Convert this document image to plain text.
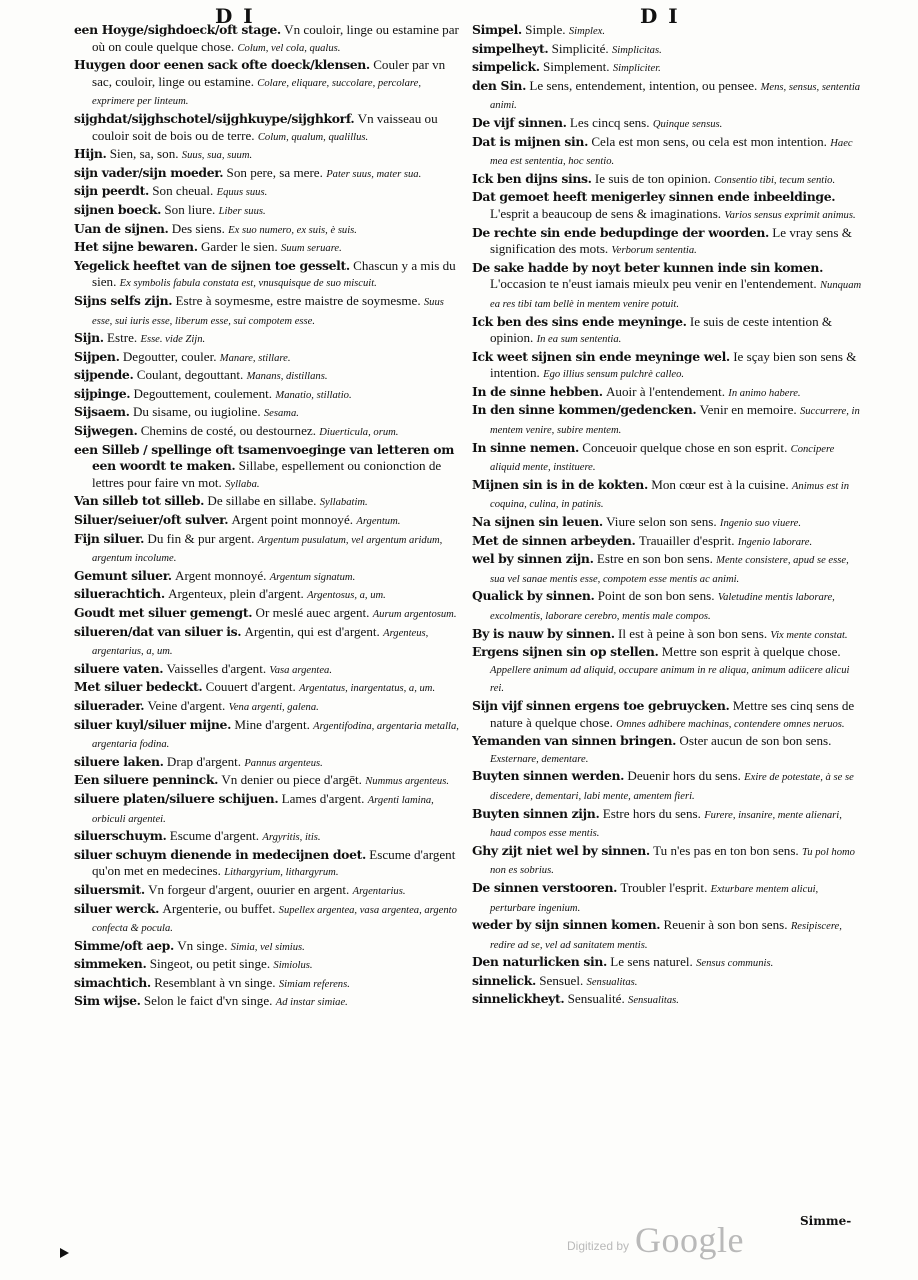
D I	D I

een Hoyge/sighdoeck/oft stage. Vn couloir, linge ou estamine par où on coule quelque chose. Colum, vel cola, qualus.

Huygen door eenen sack ofte doeck/klensen. Couler par vn sac, couloir, linge ou estamine. Colare, eliquare, succolare, percolare, exprimere per linteum.

sijghdat/sijghschotel/sijghkuype/sijghkorf. Vn vaisseau ou couloir soit de bois ou de terre. Colum, qualum, qualillus.

Hijn. Sien, sa, son. Suus, sua, suum.

sijn vader/sijn moeder. Son pere, sa mere. Pater suus, mater sua.

sijn peerdt. Son cheual. Equus suus.

sijnen boeck. Son liure. Liber suus.

Uan de sijnen. Des siens. Ex suo numero, ex suis, è suis.

Het sijne bewaren. Garder le sien. Suum seruare.

Yegelick heeftet van de sijnen toe gesselt. Chascun y a mis du sien. Ex symbolis fabula constata est, vnusquisque de suo miscuit.

Sijns selfs zijn. Estre à soymesme, estre maistre de soymesme. Suus esse, sui iuris esse, liberum esse, sui compotem esse.

Sijn. Estre. Esse. vide Zijn.

Sijpen. Degoutter, couler. Manare, stillare.

sijpende. Coulant, degouttant. Manans, distillans.

sijpinge. Degouttement, coulement. Manatio, stillatio.

Sijsaem. Du sisame, ou iugioline. Sesama.

Sijwegen. Chemins de costé, ou destournez. Diuerticula, orum.

een Silleb / spellinge oft tsamenvoeginge van letteren om een woordt te maken. Sillabe, espellement ou conionction de lettres pour faire vn mot. Syllaba.

Van silleb tot silleb. De sillabe en sillabe. Syllabatim.

Siluer/seiuer/oft sulver. Argent point monnoyé. Argentum.

Fijn siluer. Du fin & pur argent. Argentum pusulatum, vel argentum aridum, argentum incolume.

Gemunt siluer. Argent monnoyé. Argentum signatum.

siluerachtich. Argenteux, plein d'argent. Argentosus, a, um.

Goudt met siluer gemengt. Or meslé auec argent. Aurum argentosum.

silueren/dat van siluer is. Argentin, qui est d'argent. Argenteus, argentarius, a, um.

siluere vaten. Vaisselles d'argent. Vasa argentea.

Met siluer bedeckt. Couuert d'argent. Argentatus, inargentatus, a, um.

siluerader. Veine d'argent. Vena argenti, galena.

siluer kuyl/siluer mijne. Mine d'argent. Argentifodina, argentaria metalla, argentaria fodina.

siluere laken. Drap d'argent. Pannus argenteus.

Een siluere penninck. Vn denier ou piece d'argēt. Nummus argenteus.

siluere platen/siluere schijuen. Lames d'argent. Argenti lamina, orbiculi argentei.

siluerschuym. Escume d'argent. Argyritis, itis.

siluer schuym dienende in medecijnen doet. Escume d'argent qu'on met en medecines. Lithargyrium, lithargyrum.

siluersmit. Vn forgeur d'argent, ouurier en argent. Argentarius.

siluer werck. Argenterie, ou buffet. Supellex argentea, vasa argentea, argento confecta & pocula.

Simme/oft aep. Vn singe. Simia, vel simius.

simmeken. Singeot, ou petit singe. Simiolus.

simachtich. Resemblant à vn singe. Simiam referens.

Sim wijse. Selon le faict d'vn singe. Ad instar simiae.

Simpel. Simple. Simplex.

simpelheyt. Simplicité. Simplicitas.

simpelick. Simplement. Simpliciter.

den Sin. Le sens, entendement, intention, ou pensee. Mens, sensus, sententia animi.

De vijf sinnen. Les cincq sens. Quinque sensus.

Dat is mijnen sin. Cela est mon sens, ou cela est mon intention. Haec mea est sententia, hoc sentio.

Ick ben dijns sins. Ie suis de ton opinion. Consentio tibi, tecum sentio.

Dat gemoet heeft menigerley sinnen ende inbeeldinge. L'esprit a beaucoup de sens & imaginations. Varios sensus exprimit animus.

De rechte sin ende bedupdinge der woorden. Le vray sens & signification des mots. Verborum sententia.

De sake hadde by noyt beter kunnen inde sin komen. L'occasion te n'eust iamais mieulx peu venir en l'entendement. Nunquam ea res tibi tam bellè in mentem venire potuit.

Ick ben des sins ende meyninge. Ie suis de ceste intention & opinion. In ea sum sententia.

Ick weet sijnen sin ende meyninge wel. Ie sçay bien son sens & intention. Ego illius sensum pulchrè calleo.

In de sinne hebben. Auoir à l'entendement. In animo habere.

In den sinne kommen/gedencken. Venir en memoire. Succurrere, in mentem venire, subire mentem.

In sinne nemen. Conceuoir quelque chose en son esprit. Concipere aliquid mente, instituere.

Mijnen sin is in de kokten. Mon cœur est à la cuisine. Animus est in coquina, culina, in patinis.

Na sijnen sin leuen. Viure selon son sens. Ingenio suo viuere.

Met de sinnen arbeyden. Trauailler d'esprit. Ingenio laborare.

wel by sinnen zijn. Estre en son bon sens. Mente consistere, apud se esse, sua vel sanae mentis esse, compotem esse mentis ac animi.

Qualick by sinnen. Point de son bon sens. Valetudine mentis laborare, excolmentis, laborare cerebro, mentis male compos.

By is nauw by sinnen. Il est à peine à son bon sens. Vix mente constat.

Ergens sijnen sin op stellen. Mettre son esprit à quelque chose. Appellere animum ad aliquid, occupare animum in re aliqua, animum adiicere alicui rei.

Sijn vijf sinnen ergens toe gebruycken. Mettre ses cinq sens de nature à quelque chose. Omnes adhibere machinas, contendere omnes neruos.

Yemanden van sinnen bringen. Oster aucun de son bon sens. Exsternare, dementare.

Buyten sinnen werden. Deuenir hors du sens. Exire de potestate, à se se discedere, dementari, labi mente, amentem fieri.

Buyten sinnen zijn. Estre hors du sens. Furere, insanire, mente alienari, haud compos esse mentis.

Ghy zijt niet wel by sinnen. Tu n'es pas en ton bon sens. Tu pol homo non es sobrius.

De sinnen verstooren. Troubler l'esprit. Exturbare mentem alicui, perturbare ingenium.

weder by sijn sinnen komen. Reuenir à son bon sens. Resipiscere, redire ad se, vel ad sanitatem mentis.

Den naturlicken sin. Le sens naturel. Sensus communis.

sinnelick. Sensuel. Sensualitas.

sinnelickheyt. Sensualité. Sensualitas.

Simme-
Digitized by Google
